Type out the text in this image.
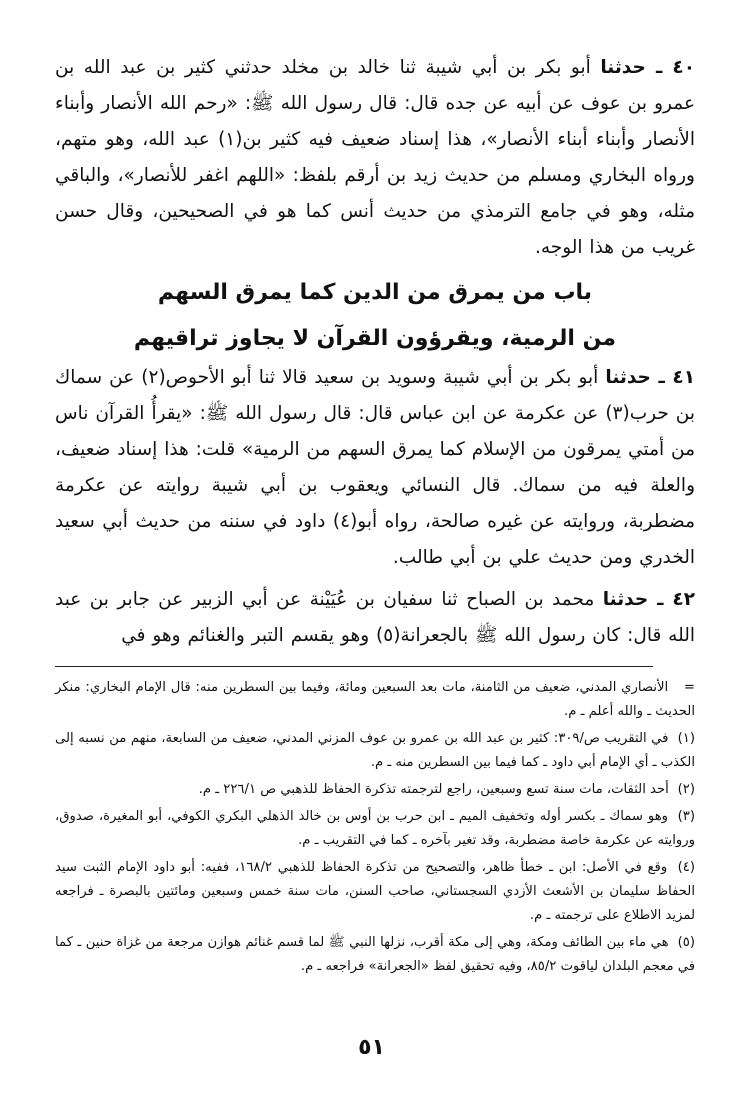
٤٠ ـ حدثنا أبو بكر بن أبي شيبة ثنا خالد بن مخلد حدثني كثير بن عبد الله بن عمرو بن عوف عن أبيه عن جده قال: قال رسول الله ﷺ: «رحم الله الأنصار وأبناء الأنصار وأبناء أبناء الأنصار»، هذا إسناد ضعيف فيه كثير بن(١) عبد الله، وهو متهم، ورواه البخاري ومسلم من حديث زيد بن أرقم بلفظ: «اللهم اغفر للأنصار»، والباقي مثله، وهو في جامع الترمذي من حديث أنس كما هو في الصحيحين، وقال حسن غريب من هذا الوجه.

باب من يمرق من الدين كما يمرق السهم

من الرمية، ويقرؤون القرآن لا يجاوز تراقيهم

٤١ ـ حدثنا أبو بكر بن أبي شيبة وسويد بن سعيد قالا ثنا أبو الأحوص(٢) عن سماك بن حرب(٣) عن عكرمة عن ابن عباس قال: قال رسول الله ﷺ: «يقرأُ القرآن ناس من أمتي يمرقون من الإسلام كما يمرق السهم من الرمية» قلت: هذا إسناد ضعيف، والعلة فيه من سماك. قال النسائي ويعقوب بن أبي شيبة روايته عن عكرمة مضطربة، وروايته عن غيره صالحة، رواه أبو(٤) داود في سننه من حديث أبي سعيد الخدري ومن حديث علي بن أبي طالب.

٤٢ ـ حدثنا محمد بن الصباح ثنا سفيان بن عُيَيْنة عن أبي الزبير عن جابر بن عبد الله قال: كان رسول الله ﷺ بالجعرانة(٥) وهو يقسم التبر والغنائم وهو في

= الأنصاري المدني، ضعيف من الثامنة، مات بعد السبعين ومائة، وفيما بين السطرين منه: قال الإمام البخاري: منكر الحديث ـ والله أعلم ـ م.

(١) في التقريب ص/٣٠٩: كثير بن عبد الله بن عمرو بن عوف المزني المدني، ضعيف من السابعة، منهم من نسبه إلى الكذب ـ أي الإمام أبي داود ـ كما فيما بين السطرين منه ـ م.

(٢) أحد الثقات، مات سنة تسع وسبعين، راجع لترجمته تذكرة الحفاظ للذهبي ص ٢٢٦/١ ـ م.

(٣) وهو سماك ـ بكسر أوله وتخفيف الميم ـ ابن حرب بن أوس بن خالد الذهلي البكري الكوفي، أبو المغيرة، صدوق، وروايته عن عكرمة خاصة مضطربة، وقد تغير بآخره ـ كما في التقريب ـ م.

(٤) وقع في الأصل: ابن ـ خطأ ظاهر، والتصحيح من تذكرة الحفاظ للذهبي ١٦٨/٢، ففيه: أبو داود الإمام الثبت سيد الحفاظ سليمان بن الأشعث الأزدي السجستاني، صاحب السنن، مات سنة خمس وسبعين ومائتين بالبصرة ـ فراجعه لمزيد الاطلاع على ترجمته ـ م.

(٥) هي ماء بين الطائف ومكة، وهي إلى مكة أقرب، نزلها النبي ﷺ لما قسم غنائم هوازن مرجعة من غزاة حنين ـ كما في معجم البلدان لياقوت ٨٥/٢، وفيه تحقيق لفظ «الجعرانة» فراجعه ـ م.

٥١
